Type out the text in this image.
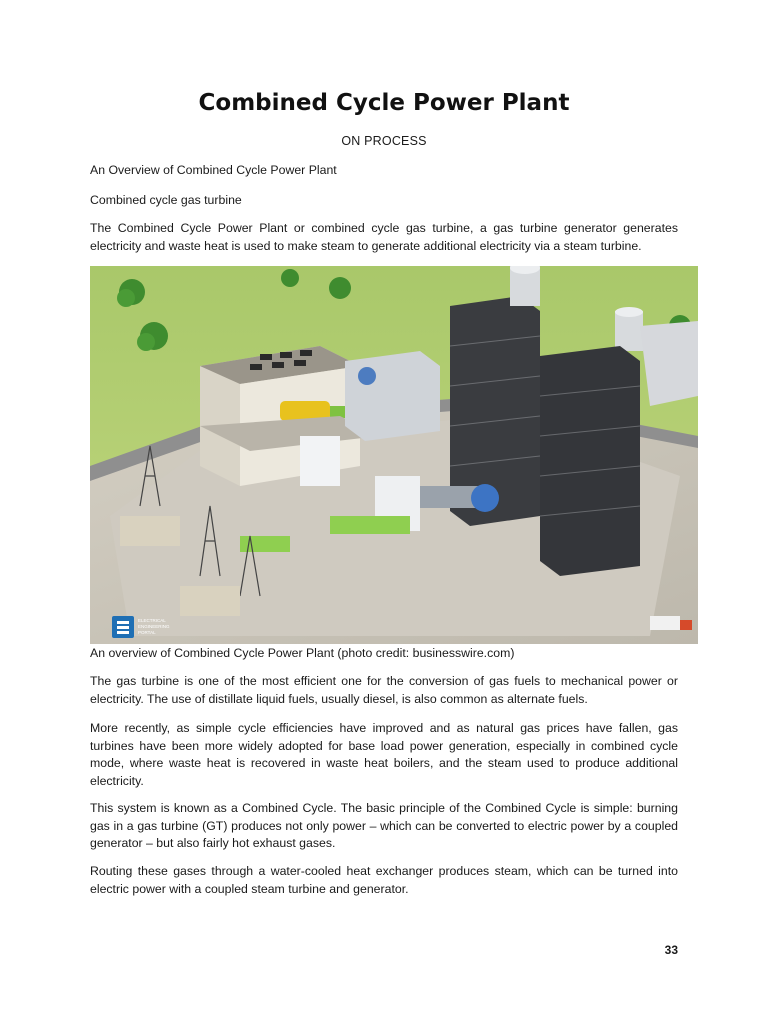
Combined Cycle Power Plant
ON PROCESS

An Overview of Combined Cycle Power Plant

Combined cycle gas turbine

The Combined Cycle Power Plant or combined cycle gas turbine, a gas turbine generator generates electricity and waste heat is used to make steam to generate additional electricity via a steam turbine.

ELECTRICAL
ENGINEERING
PORTAL
An overview of Combined Cycle Power Plant (photo credit: businesswire.com)

The gas turbine is one of the most efficient one for the conversion of gas fuels to mechanical power or electricity. The use of distillate liquid fuels, usually diesel, is also common as alternate fuels.

More recently, as simple cycle efficiencies have improved and as natural gas prices have fallen, gas turbines have been more widely adopted for base load power generation, especially in combined cycle mode, where waste heat is recovered in waste heat boilers, and the steam used to produce additional electricity.

This system is known as a Combined Cycle. The basic principle of the Combined Cycle is simple: burning gas in a gas turbine (GT) produces not only power – which can be converted to electric power by a coupled generator – but also fairly hot exhaust gases.

Routing these gases through a water-cooled heat exchanger produces steam, which can be turned into electric power with a coupled steam turbine and generator.

33
